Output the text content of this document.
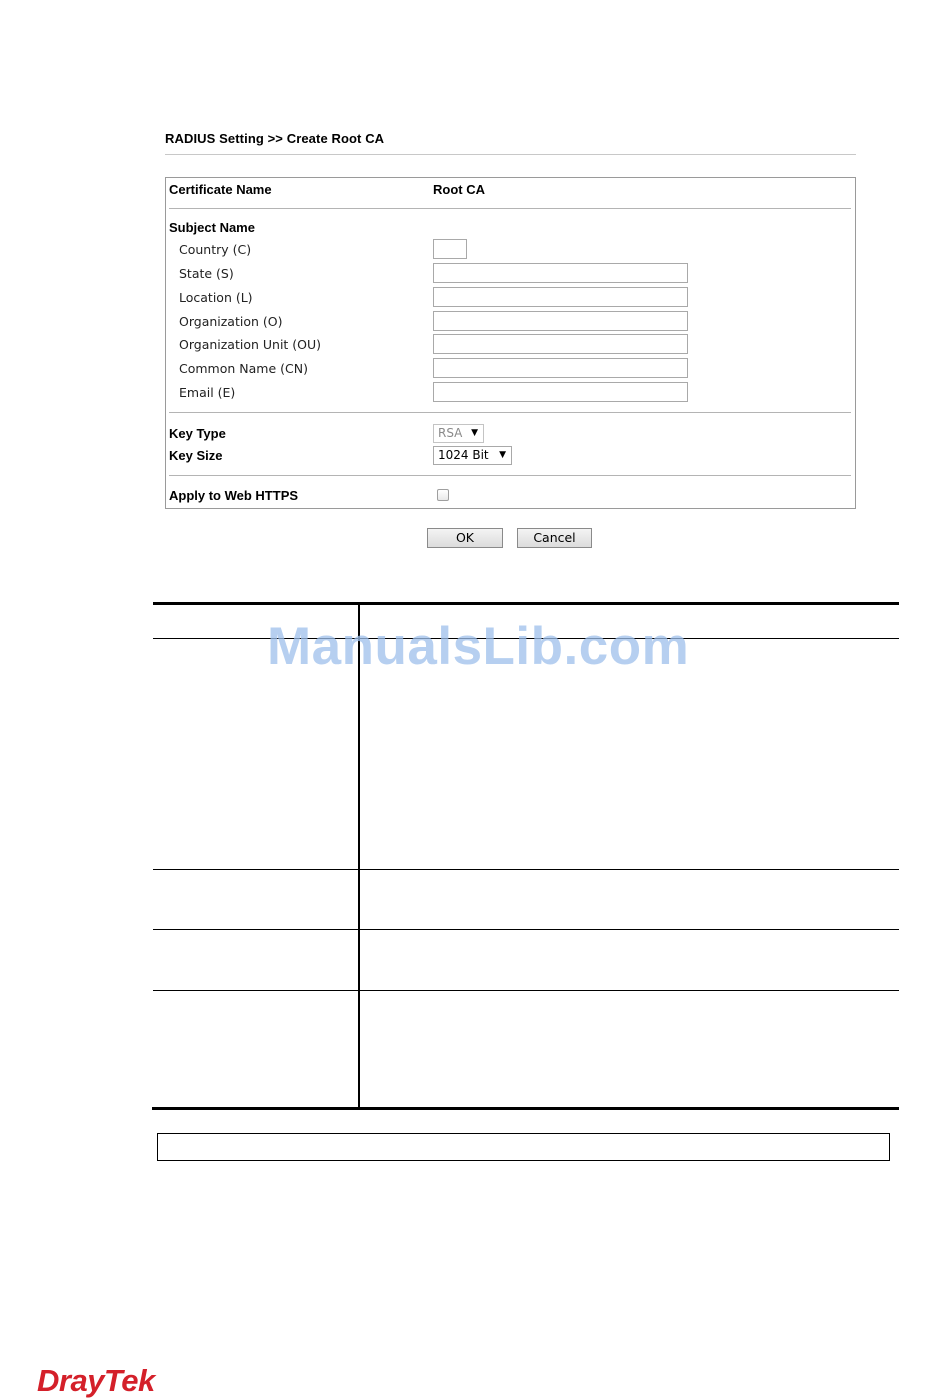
RADIUS Setting >> Create Root CA
Certificate Name	Root CA
Subject Name
Country (C)
State (S)
Location (L)
Organization (O)
Organization Unit (OU)
Common Name (CN)
Email (E)
Key Type	RSA ▼
Key Size	1024 Bit ▼
Apply to Web HTTPS
OK	Cancel
ManualsLib.com
DrayTek
